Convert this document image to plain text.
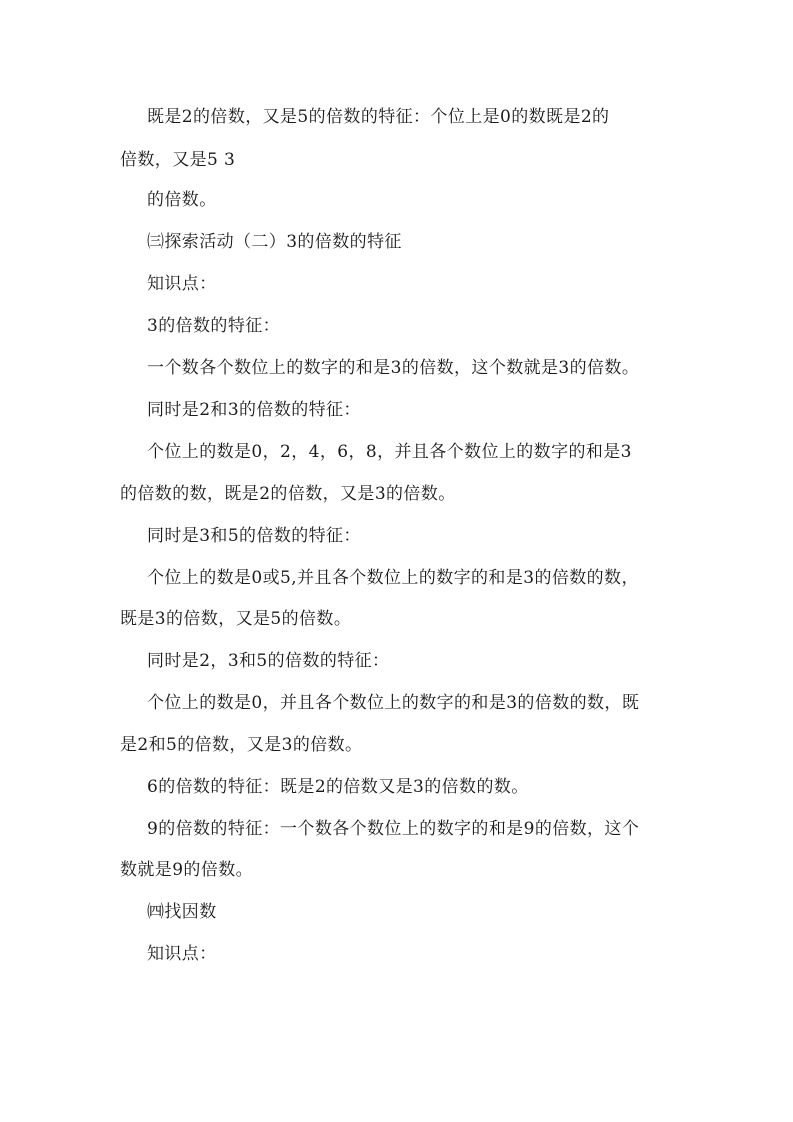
既是2的倍数，又是5的倍数的特征：个位上是0的数既是2的
倍数，又是5 3
的倍数。
㈢探索活动（二）3的倍数的特征
知识点：
3的倍数的特征：
一个数各个数位上的数字的和是3的倍数，这个数就是3的倍数。
同时是2和3的倍数的特征：
个位上的数是0，2，4，6，8，并且各个数位上的数字的和是3
的倍数的数，既是2的倍数，又是3的倍数。
同时是3和5的倍数的特征：
个位上的数是0或5,并且各个数位上的数字的和是3的倍数的数，
既是3的倍数，又是5的倍数。
同时是2，3和5的倍数的特征：
个位上的数是0，并且各个数位上的数字的和是3的倍数的数，既
是2和5的倍数，又是3的倍数。
6的倍数的特征：既是2的倍数又是3的倍数的数。
9的倍数的特征：一个数各个数位上的数字的和是9的倍数，这个
数就是9的倍数。
㈣找因数
知识点：
